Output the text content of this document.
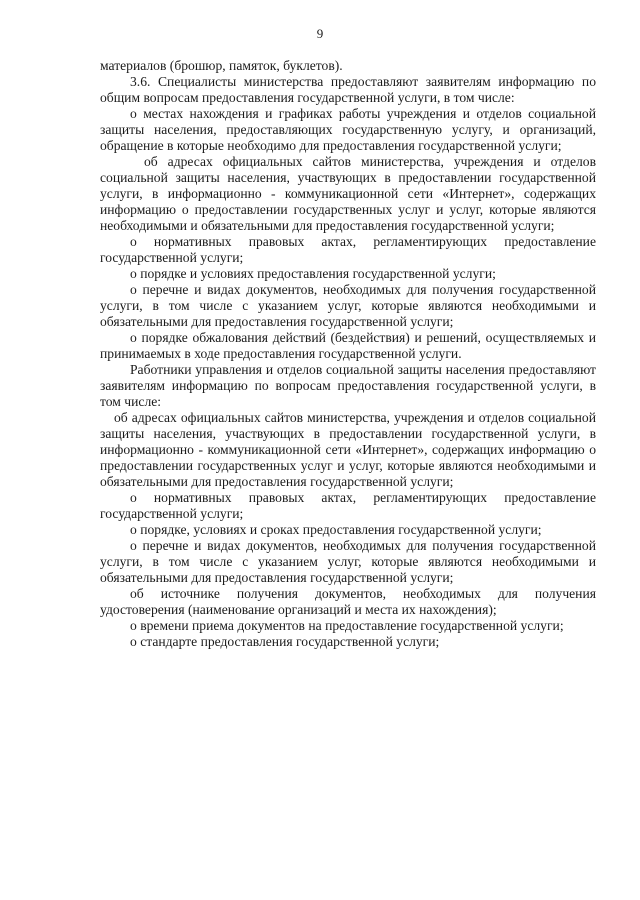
9

материалов (брошюр, памяток, буклетов).

3.6. Специалисты министерства предоставляют заявителям информацию по общим вопросам предоставления государственной услуги, в том числе:

о местах нахождения и графиках работы учреждения и отделов социальной защиты населения, предоставляющих государственную услугу, и организаций, обращение в которые необходимо для предоставления государственной услуги;

об адресах официальных сайтов министерства, учреждения и отделов социальной защиты населения, участвующих в предоставлении государственной услуги, в информационно - коммуникационной сети «Интернет», содержащих информацию о предоставлении государственных услуг и услуг, которые являются необходимыми и обязательными для предоставления государственной услуги;

о нормативных правовых актах, регламентирующих предоставление государственной услуги;

о порядке и условиях предоставления государственной услуги;

о перечне и видах документов, необходимых для получения государственной услуги, в том числе с указанием услуг, которые являются необходимыми и обязательными для предоставления государственной услуги;

о порядке обжалования действий (бездействия) и решений, осуществляемых и принимаемых в ходе предоставления государственной услуги.

Работники управления и отделов социальной защиты населения предоставляют заявителям информацию по вопросам предоставления государственной услуги, в том числе:

об адресах официальных сайтов министерства, учреждения и отделов социальной защиты населения, участвующих в предоставлении государственной услуги, в информационно - коммуникационной сети «Интернет», содержащих информацию о предоставлении государственных услуг и услуг, которые являются необходимыми и обязательными для предоставления государственной услуги;

о нормативных правовых актах, регламентирующих предоставление государственной услуги;

о порядке, условиях и сроках предоставления государственной услуги;

о перечне и видах документов, необходимых для получения государственной услуги, в том числе с указанием услуг, которые являются необходимыми и обязательными для предоставления государственной услуги;

об источнике получения документов, необходимых для получения удостоверения (наименование организаций и места их нахождения);

о времени приема документов на предоставление государственной услуги;

о стандарте предоставления государственной услуги;
